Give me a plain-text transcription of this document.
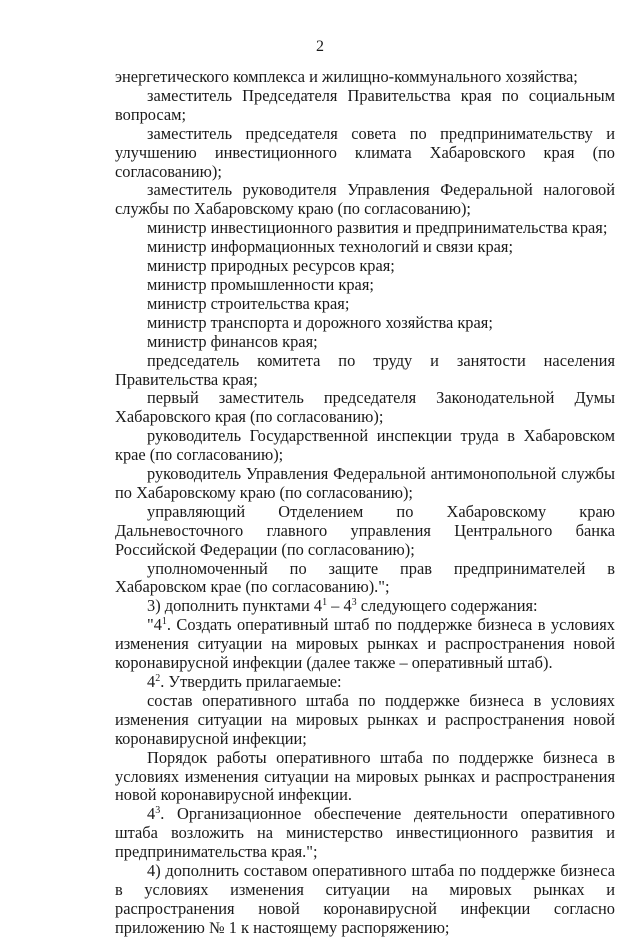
2

энергетического комплекса и жилищно-коммунального хозяйства;

заместитель Председателя Правительства края по социальным вопросам;

заместитель председателя совета по предпринимательству и улучшению инвестиционного климата Хабаровского края (по согласованию);

заместитель руководителя Управления Федеральной налоговой службы по Хабаровскому краю (по согласованию);

министр инвестиционного развития и предпринимательства края;

министр информационных технологий и связи края;

министр природных ресурсов края;

министр промышленности края;

министр строительства края;

министр транспорта и дорожного хозяйства края;

министр финансов края;

председатель комитета по труду и занятости населения Правительства края;

первый заместитель председателя Законодательной Думы Хабаровского края (по согласованию);

руководитель Государственной инспекции труда в Хабаровском крае (по согласованию);

руководитель Управления Федеральной антимонопольной службы по Хабаровскому краю (по согласованию);

управляющий Отделением по Хабаровскому краю Дальневосточного главного управления Центрального банка Российской Федерации (по согласованию);

уполномоченный по защите прав предпринимателей в Хабаровском крае (по согласованию).";

3) дополнить пунктами $4^1 - 4^3$ следующего содержания:

"$4^1$. Создать оперативный штаб по поддержке бизнеса в условиях изменения ситуации на мировых рынках и распространения новой коронавирусной инфекции (далее также – оперативный штаб).

$4^2$. Утвердить прилагаемые:

состав оперативного штаба по поддержке бизнеса в условиях изменения ситуации на мировых рынках и распространения новой коронавирусной инфекции;

Порядок работы оперативного штаба по поддержке бизнеса в условиях изменения ситуации на мировых рынках и распространения новой коронавирусной инфекции.

$4^3$. Организационное обеспечение деятельности оперативного штаба возложить на министерство инвестиционного развития и предпринимательства края.";

4) дополнить составом оперативного штаба по поддержке бизнеса в условиях изменения ситуации на мировых рынках и распространения новой коронавирусной инфекции согласно приложению № 1 к настоящему распоряжению;
